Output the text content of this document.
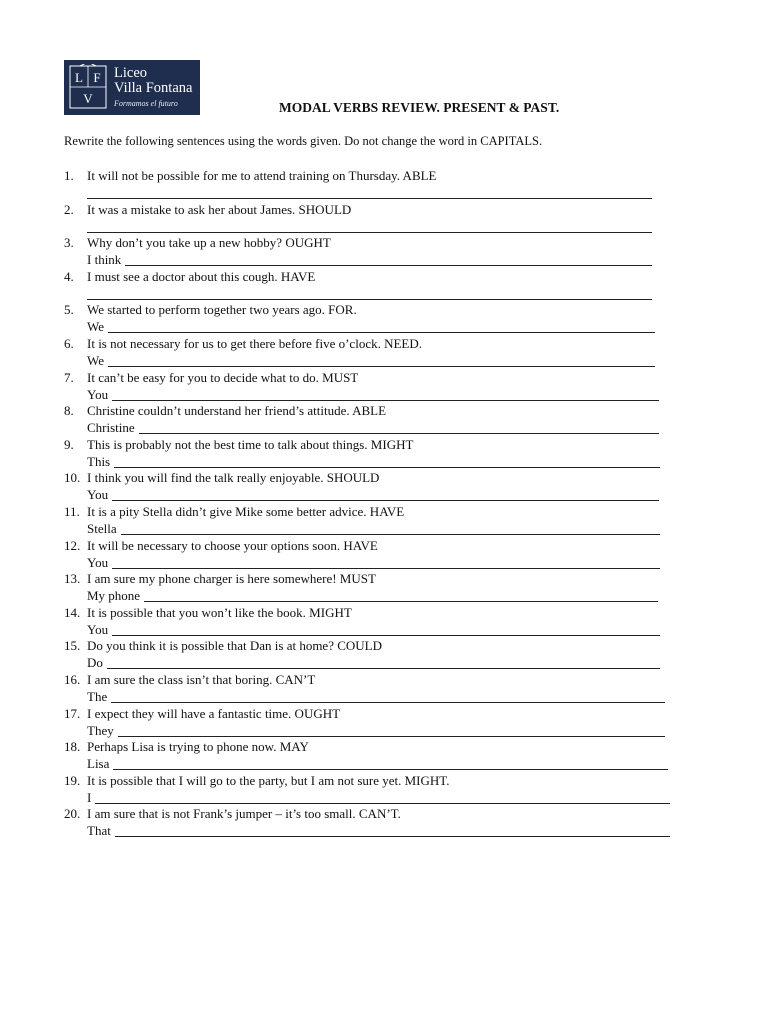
L F
V
Liceo
Villa Fontana
Formamos el futuro	MODAL VERBS REVIEW. PRESENT & PAST.
Rewrite the following sentences using the words given. Do not change the word in CAPITALS.
1. It will not be possible for me to attend training on Thursday. ABLE
2. It was a mistake to ask her about James. SHOULD
3. Why don’t you take up a new hobby? OUGHT
I think
4. I must see a doctor about this cough. HAVE
5. We started to perform together two years ago. FOR.
We
6. It is not necessary for us to get there before five o’clock. NEED.
We
7. It can’t be easy for you to decide what to do. MUST
You
8. Christine couldn’t understand her friend’s attitude. ABLE
Christine
9. This is probably not the best time to talk about things. MIGHT
This
10. I think you will find the talk really enjoyable. SHOULD
You
11. It is a pity Stella didn’t give Mike some better advice. HAVE
Stella
12. It will be necessary to choose your options soon. HAVE
You
13. I am sure my phone charger is here somewhere! MUST
My phone
14. It is possible that you won’t like the book. MIGHT
You
15. Do you think it is possible that Dan is at home? COULD
Do
16. I am sure the class isn’t that boring. CAN’T
The
17. I expect they will have a fantastic time. OUGHT
They
18. Perhaps Lisa is trying to phone now. MAY
Lisa
19. It is possible that I will go to the party, but I am not sure yet. MIGHT.
I
20. I am sure that is not Frank’s jumper – it’s too small. CAN’T.
That
